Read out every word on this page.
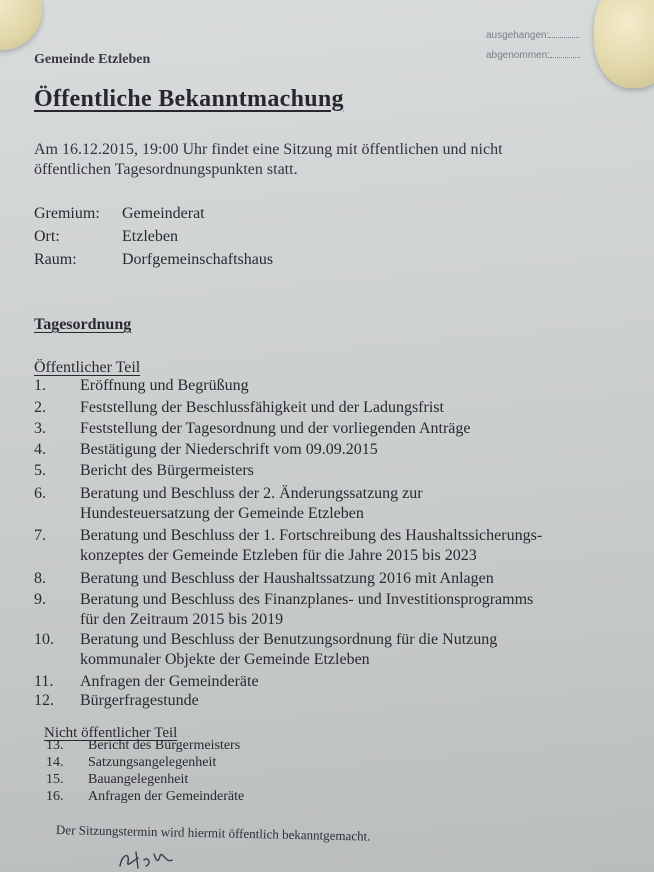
ausgehangen:
abgenommen:
Gemeinde Etzleben
Öffentliche Bekanntmachung
Am 16.12.2015, 19:00 Uhr findet eine Sitzung mit öffentlichen und nicht
öffentlichen Tagesordnungspunkten statt.
Gremium:	Gemeinderat
Ort:	Etzleben
Raum:	Dorfgemeinschaftshaus
Tagesordnung
Öffentlicher Teil
1.	Eröffnung und Begrüßung
2.	Feststellung der Beschlussfähigkeit und der Ladungsfrist
3.	Feststellung der Tagesordnung und der vorliegenden Anträge
4.	Bestätigung der Niederschrift vom 09.09.2015
5.	Bericht des Bürgermeisters
6.	Beratung und Beschluss der 2. Änderungssatzung zur
Hundesteuersatzung der Gemeinde Etzleben
7.	Beratung und Beschluss der 1. Fortschreibung des Haushaltssicherungs-
konzeptes der Gemeinde Etzleben für die Jahre 2015 bis 2023
8.	Beratung und Beschluss der Haushaltssatzung 2016 mit Anlagen
9.	Beratung und Beschluss des Finanzplanes- und Investitionsprogramms
für den Zeitraum 2015 bis 2019
10.	Beratung und Beschluss der Benutzungsordnung für die Nutzung
kommunaler Objekte der Gemeinde Etzleben
11.	Anfragen der Gemeinderäte
12.	Bürgerfragestunde
Nicht öffentlicher Teil
13.	Bericht des Bürgermeisters
14.	Satzungsangelegenheit
15.	Bauangelegenheit
16.	Anfragen der Gemeinderäte
Der Sitzungstermin wird hiermit öffentlich bekanntgemacht.
